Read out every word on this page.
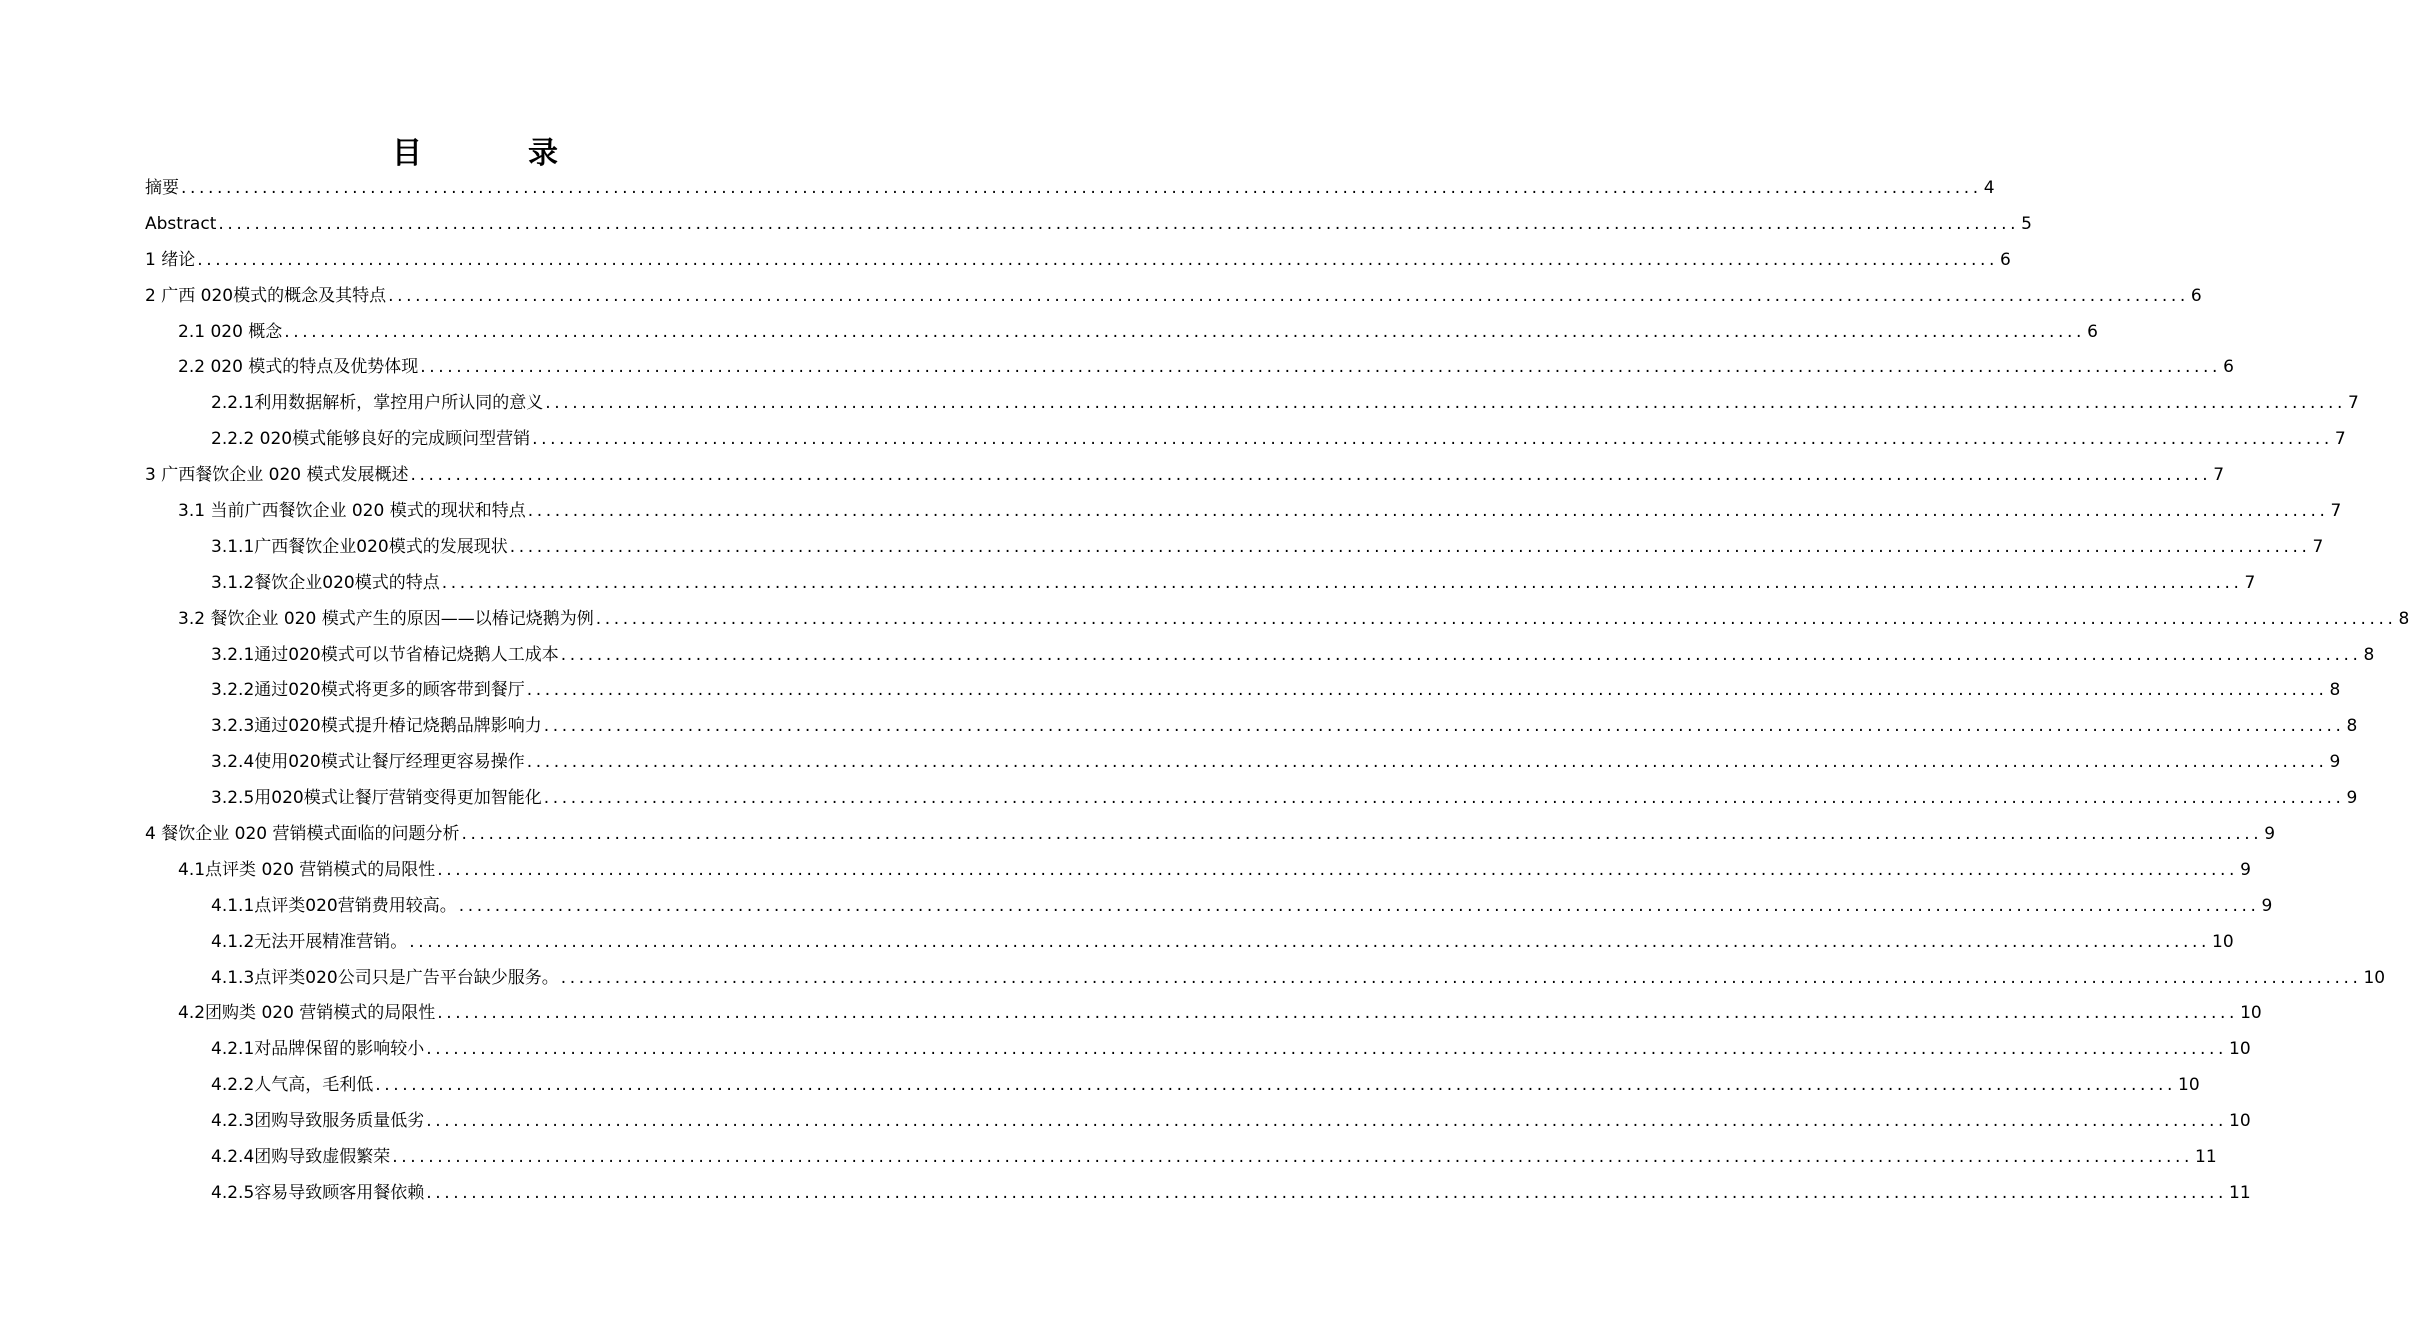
目　录
摘要 ........................................................................................................................................................................................................ 4
Abstract ........................................................................................................................................................................................................ 5
1 绪论 ........................................................................................................................................................................................................ 6
2 广西 020模式的概念及其特点 ........................................................................................................................................................................................................ 6
2.1 020 概念 ........................................................................................................................................................................................................ 6
2.2 020 模式的特点及优势体现 ........................................................................................................................................................................................................ 6
2.2.1利用数据解析，掌控用户所认同的意义 ........................................................................................................................................................................................................ 7
2.2.2 020模式能够良好的完成顾问型营销 ........................................................................................................................................................................................................ 7
3 广西餐饮企业 020 模式发展概述 ........................................................................................................................................................................................................ 7
3.1 当前广西餐饮企业 020 模式的现状和特点 ........................................................................................................................................................................................................ 7
3.1.1广西餐饮企业020模式的发展现状 ........................................................................................................................................................................................................ 7
3.1.2餐饮企业020模式的特点 ........................................................................................................................................................................................................ 7
3.2 餐饮企业 020 模式产生的原因——以椿记烧鹅为例 ........................................................................................................................................................................................................ 8
3.2.1通过020模式可以节省椿记烧鹅人工成本 ........................................................................................................................................................................................................ 8
3.2.2通过020模式将更多的顾客带到餐厅 ........................................................................................................................................................................................................ 8
3.2.3通过020模式提升椿记烧鹅品牌影响力 ........................................................................................................................................................................................................ 8
3.2.4使用020模式让餐厅经理更容易操作 ........................................................................................................................................................................................................ 9
3.2.5用020模式让餐厅营销变得更加智能化 ........................................................................................................................................................................................................ 9
4 餐饮企业 020 营销模式面临的问题分析 ........................................................................................................................................................................................................ 9
4.1点评类 020 营销模式的局限性 ........................................................................................................................................................................................................ 9
4.1.1点评类020营销费用较高。 ........................................................................................................................................................................................................ 9
4.1.2无法开展精准营销。 ........................................................................................................................................................................................................ 10
4.1.3点评类020公司只是广告平台缺少服务。 ........................................................................................................................................................................................................ 10
4.2团购类 020 营销模式的局限性 ........................................................................................................................................................................................................ 10
4.2.1对品牌保留的影响较小 ........................................................................................................................................................................................................ 10
4.2.2人气高，毛利低 ........................................................................................................................................................................................................ 10
4.2.3团购导致服务质量低劣 ........................................................................................................................................................................................................ 10
4.2.4团购导致虚假繁荣 ........................................................................................................................................................................................................ 11
4.2.5容易导致顾客用餐依赖 ........................................................................................................................................................................................................ 11
